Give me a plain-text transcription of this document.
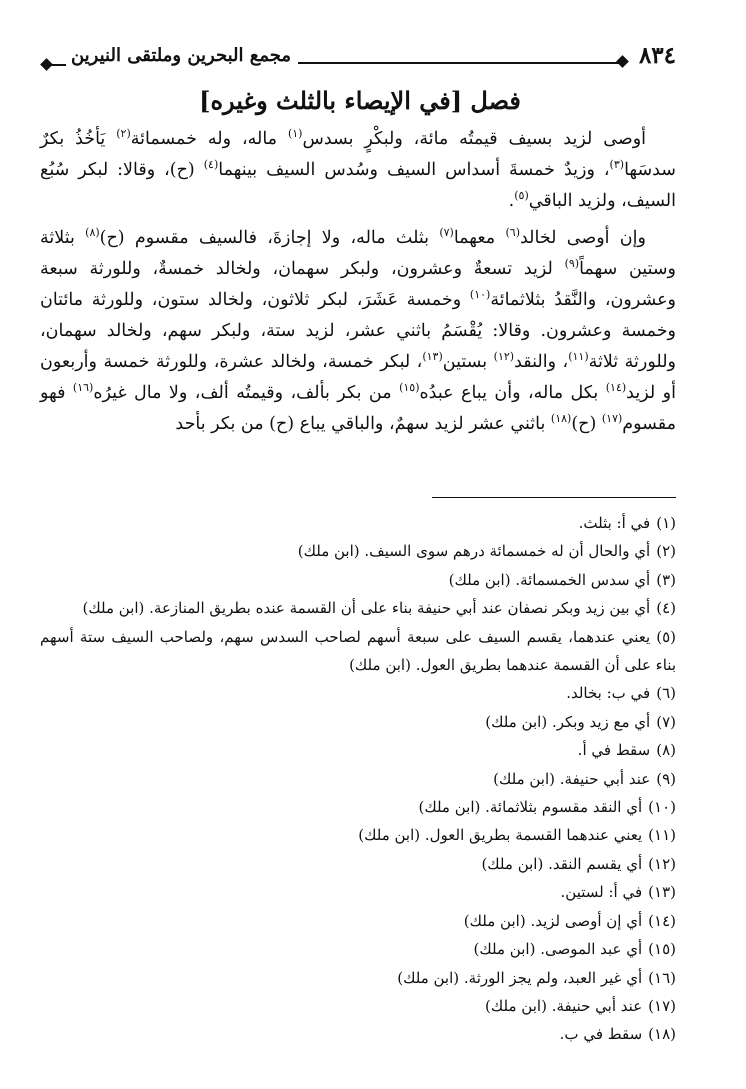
٨٣٤
مجمع البحرين وملتقى النيرين
فصل [في الإيصاء بالثلث وغيره]

أوصى لزيد بسيف قيمتُه مائة، ولبكْرٍ بسدس$^{(١)}$ ماله، وله خمسمائة$^{(٢)}$ يَأخُذُ بكرٌ سدسَها$^{(٣)}$، وزيدٌ خمسةَ أسداس السيف وسُدس السيف بينهما$^{(٤)}$ (ح)، وقالا: لبكر سُبُع السيف، ولزيد الباقي$^{(٥)}$.

وإن أوصى لخالد$^{(٦)}$ معهما$^{(٧)}$ بثلث ماله، ولا إجازةَ، فالسيف مقسوم (ح)$^{(٨)}$ بثلاثة وستين سهماً$^{(٩)}$ لزيد تسعةٌ وعشرون، ولبكر سهمان، ولخالد خمسةٌ، وللورثة سبعة وعشرون، والنَّقدُ بثلاثمائة$^{(١٠)}$ وخمسة عَشَرَ، لبكر ثلاثون، ولخالد ستون، وللورثة مائتان وخمسة وعشرون. وقالا: يُقْسَمُ باثني عشر، لزيد ستة، ولبكر سهم، ولخالد سهمان، وللورثة ثلاثة$^{(١١)}$، والنقد$^{(١٢)}$ بستين$^{(١٣)}$، لبكر خمسة، ولخالد عشرة، وللورثة خمسة وأربعون أو لزيد$^{(١٤)}$ بكل ماله، وأن يباع عبدُه$^{(١٥)}$ من بكر بألف، وقيمتُه ألف، ولا مال غيرُه$^{(١٦)}$ فهو مقسوم$^{(١٧)}$ (ح)$^{(١٨)}$ باثني عشر لزيد سهمٌ، والباقي يباع (ح) من بكر بأحد

(١)في أ: بثلث.
(٢)أي والحال أن له خمسمائة درهم سوى السيف. (ابن ملك)
(٣)أي سدس الخمسمائة. (ابن ملك)
(٤)أي بين زيد وبكر نصفان عند أبي حنيفة بناء على أن القسمة عنده بطريق المنازعة. (ابن ملك)
(٥)يعني عندهما، يقسم السيف على سبعة أسهم لصاحب السدس سهم، ولصاحب السيف ستة أسهم بناء على أن القسمة عندهما بطريق العول. (ابن ملك)
(٦)في ب: بخالد.
(٧)أي مع زيد وبكر. (ابن ملك)
(٨)سقط في أ.
(٩)عند أبي حنيفة. (ابن ملك)
(١٠)أي النقد مقسوم بثلاثمائة. (ابن ملك)
(١١)يعني عندهما القسمة بطريق العول. (ابن ملك)
(١٢)أي يقسم النقد. (ابن ملك)
(١٣)في أ: لستين.
(١٤)أي إن أوصى لزيد. (ابن ملك)
(١٥)أي عبد الموصى. (ابن ملك)
(١٦)أي غير العبد، ولم يجز الورثة. (ابن ملك)
(١٧)عند أبي حنيفة. (ابن ملك)
(١٨)سقط في ب.
